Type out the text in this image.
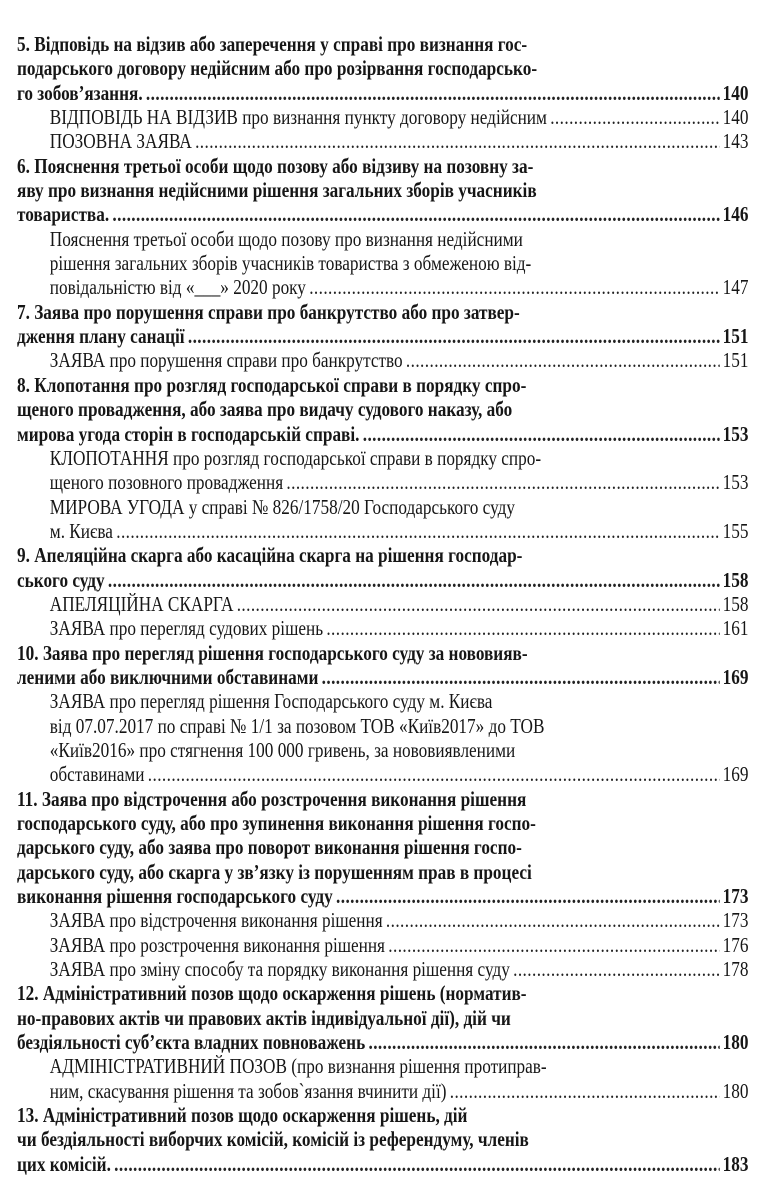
5. Відповідь на відзив або заперечення у справі про визнання гос-
подарського договору недійсним або про розірвання господарсько-
го зобов’язання. .....	140
ВІДПОВІДЬ НА ВІДЗИВ про визнання пункту договору недійсним .....	140
ПОЗОВНА ЗАЯВА .....	143
6. Пояснення третьої особи щодо позову або відзиву на позовну за-
яву про визнання недійсними рішення загальних зборів учасників
товариства. .....	146
Пояснення третьої особи щодо позову про визнання недійсними
рішення загальних зборів учасників товариства з обмеженою від-
повідальністю від «___» 2020 року .....	147
7. Заява про порушення справи про банкрутство або про затвер-
дження плану санації .....	151
ЗАЯВА про порушення справи про банкрутство .....	151
8. Клопотання про розгляд господарської справи в порядку спро-
щеного провадження, або заява про видачу судового наказу, або
мирова угода сторін в господарській справі. .....	153
КЛОПОТАННЯ про розгляд господарської справи в порядку спро-
щеного позовного провадження .....	153
МИРОВА УГОДА у справі № 826/1758/20 Господарського суду
м. Києва .....	155
9. Апеляційна скарга або касаційна скарга на рішення господар-
ського суду .....	158
АПЕЛЯЦІЙНА СКАРГА .....	158
ЗАЯВА про перегляд судових рішень .....	161
10. Заява про перегляд рішення господарського суду за нововияв-
леними або виключними обставинами .....	169
ЗАЯВА про перегляд рішення Господарського суду м. Києва
від 07.07.2017 по справі № 1/1 за позовом ТОВ «Київ2017» до ТОВ
«Київ2016» про стягнення 100 000 гривень, за нововиявленими
обставинами .....	169
11. Заява про відстрочення або розстрочення виконання рішення
господарського суду, або про зупинення виконання рішення госпо-
дарського суду, або заява про поворот виконання рішення госпо-
дарського суду, або скарга у зв’язку із порушенням прав в процесі
виконання рішення господарського суду .....	173
ЗАЯВА про відстрочення виконання рішення .....	173
ЗАЯВА про розстрочення виконання рішення .....	176
ЗАЯВА про зміну способу та порядку виконання рішення суду .....	178
12. Адміністративний позов щодо оскарження рішень (норматив-
но-правових актів чи правових актів індивідуальної дії), дій чи
бездіяльності суб’єкта владних повноважень .....	180
АДМІНІСТРАТИВНИЙ ПОЗОВ (про визнання рішення протиправ-
ним, скасування рішення та зобов`язання вчинити дії) .....	180
13. Адміністративний позов щодо оскарження рішень, дій
чи бездіяльності виборчих комісій, комісій із референдуму, членів
цих комісій. .....	183
